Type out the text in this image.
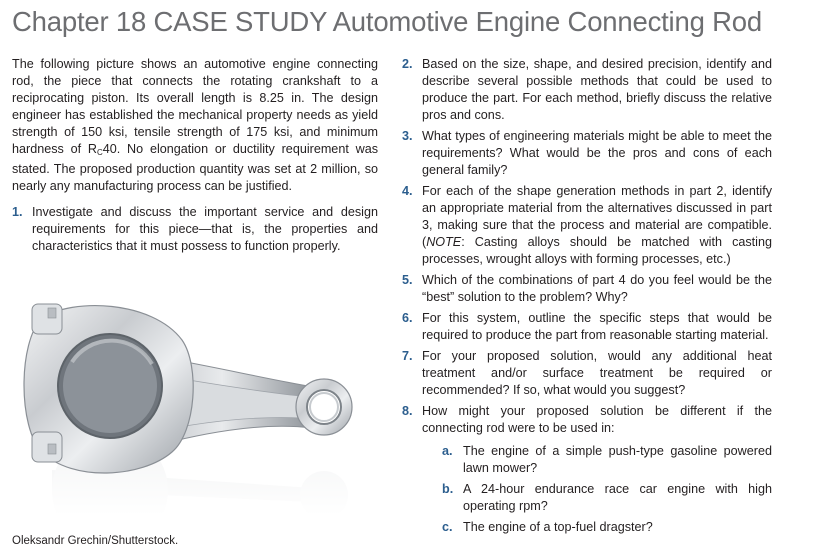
Chapter 18 CASE STUDY Automotive Engine Connecting Rod

The following picture shows an automotive engine connecting rod, the piece that connects the rotating crankshaft to a reciprocating piston. Its overall length is 8.25 in. The design engineer has established the mechanical property needs as yield strength of 150 ksi, tensile strength of 175 ksi, and minimum hardness of $R_C40$. No elongation or ductility requirement was stated. The proposed production quantity was set at 2 million, so nearly any manufacturing process can be justified.

1. Investigate and discuss the important service and design requirements for this piece—that is, the properties and characteristics that it must possess to function properly.
Oleksandr Grechin/Shutterstock.
2. Based on the size, shape, and desired precision, identify and describe several possible methods that could be used to produce the part. For each method, briefly discuss the relative pros and cons.
3. What types of engineering materials might be able to meet the requirements? What would be the pros and cons of each general family?
4. For each of the shape generation methods in part 2, identify an appropriate material from the alternatives discussed in part 3, making sure that the process and material are compatible. (NOTE: Casting alloys should be matched with casting processes, wrought alloys with forming processes, etc.)
5. Which of the combinations of part 4 do you feel would be the “best” solution to the problem? Why?
6. For this system, outline the specific steps that would be required to produce the part from reasonable starting material.
7. For your proposed solution, would any additional heat treatment and/or surface treatment be required or recommended? If so, what would you suggest?
8. How might your proposed solution be different if the connecting rod were to be used in:
a. The engine of a simple push-type gasoline powered lawn mower?
b. A 24-hour endurance race car engine with high operating rpm?
c. The engine of a top-fuel dragster?
